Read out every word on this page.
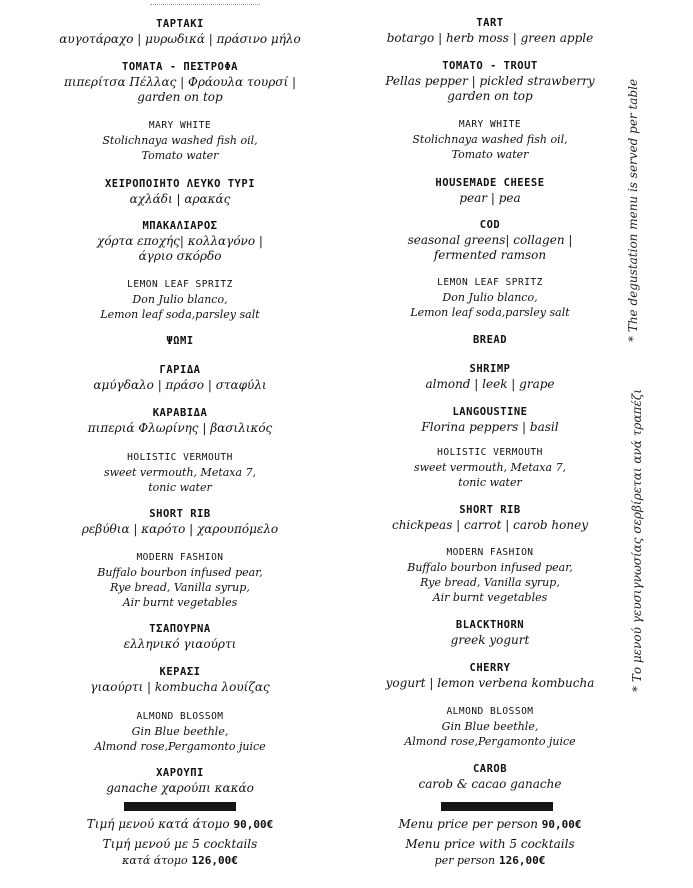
ΤΑΡΤΑΚΙ
αυγοτάραχο | μυρωδικά | πράσινο μήλο
ΤΟΜΑΤΑ - ΠΕΣΤΡΟΦΑ
πιπερίτσα Πέλλας | Φράουλα τουρσί |
garden on top
MARY WHITE
Stolichnaya washed fish oil,
Tomato water
ΧΕΙΡΟΠΟΙΗΤΟ ΛΕΥΚΟ ΤΥΡΙ
αχλάδι | αρακάς
ΜΠΑΚΑΛΙΑΡΟΣ
χόρτα εποχής| κολλαγόνο |
άγριο σκόρδο
LEMON LEAF SPRITZ
Don Julio blanco,
Lemon leaf soda,parsley salt
ΨΩΜΙ
ΓΑΡΙΔΑ
αμύγδαλο | πράσο | σταφύλι
ΚΑΡΑΒΙΔΑ
πιπεριά Φλωρίνης | βασιλικός
HOLISTIC VERMOUTH
sweet vermouth, Metaxa 7,
tonic water
SHORT RIB
ρεβύθια | καρότο | χαρουπόμελο
MODERN FASHION
Buffalo bourbon infused pear,
Rye bread, Vanilla syrup,
Air burnt vegetables
ΤΣΑΠΟΥΡΝΑ
ελληνικό γιαούρτι
ΚΕΡΑΣΙ
γιαούρτι | kombucha λουίζας
ALMOND BLOSSOM
Gin Blue beethle,
Almond rose,Pergamonto juice
ΧΑΡΟΥΠΙ
ganache χαρούπι κακάο
Τιμή μενού κατά άτομο 90,00€
Τιμή μενού με 5 cocktails
κατά άτομο 126,00€
TART
botargo | herb moss | green apple
TOMATO - TROUT
Pellas pepper | pickled strawberry
garden on top
MARY WHITE
Stolichnaya washed fish oil,
Tomato water
HOUSEMADE CHEESE
pear | pea
COD
seasonal greens| collagen |
fermented ramson
LEMON LEAF SPRITZ
Don Julio blanco,
Lemon leaf soda,parsley salt
BREAD
SHRIMP
almond | leek | grape
LANGOUSTINE
Florina peppers | basil
HOLISTIC VERMOUTH
sweet vermouth, Metaxa 7,
tonic water
SHORT RIB
chickpeas | carrot | carob honey
MODERN FASHION
Buffalo bourbon infused pear,
Rye bread, Vanilla syrup,
Air burnt vegetables
BLACKTHORN
greek yogurt
CHERRY
yogurt | lemon verbena kombucha
ALMOND BLOSSOM
Gin Blue beethle,
Almond rose,Pergamonto juice
CAROB
carob & cacao ganache
Menu price per person 90,00€
Menu price with 5 cocktails
per person 126,00€
* The degustation menu is served per table
* Το μενού γευσιγνωσίας σερβίρεται ανά τραπέζι
